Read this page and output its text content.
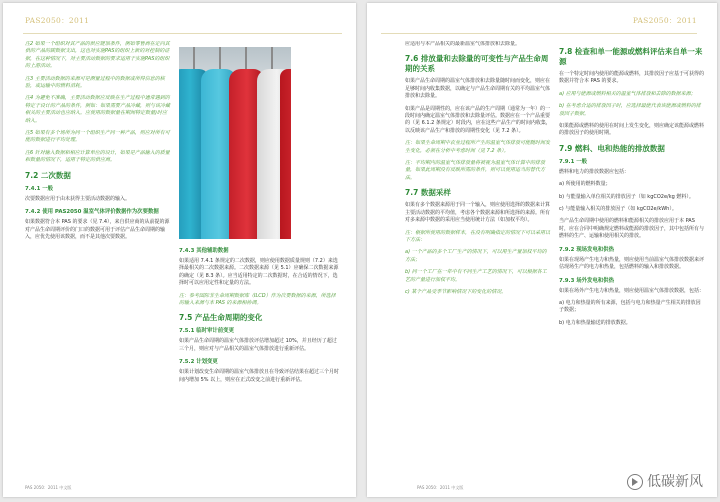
PAS2050：2011

注2 如果一个组织对其产品的供应链加条件，例如零售商在定向其供的产品的碳数据支出，这也对实施PAS的组织上新的对控制的证据，在这种情况下，对主要活动数据的要求适用于实施PAS的组织的上游活动。

注3 主要活动数据的来源可是测量过程中的数据或所得信息的核验，或运输中的燃料消耗。

注4 为避免不准确，主要活动数据应反映在生产过程中通常遇到的特定于设计的产品的条件，例如：如果需要产品冷藏，则与该冷藏相关的主要活动也应纳入。应使用的数据量在期间特定数量)时应纳入。

注5 如果有多个场所为同一个组织生产同一种产品，则应对所有可能的数据进行平均处理。

注6 针对输入数据和相应计算单位的设计，如果是产品输入的质量和数量的情况下，适用于特定的供应商。

7.2 二次数据
7.4.1 一般

次要数据应用于由未获得主要活动数据的输入。

7.4.2 使用 PAS2050 温室气体评价数据作为次要数据

如果数据符合本 PAS 的要求（见 7.4），来自供应商的从前提的源对产品生命周期评价的门口的数据可用于评估产品生命周期的输入，应优先使用该数据，而不是其他次要数据。

7.4.3 其他辅助数据

如果适用 7.4.1 条规定的二次数据，则应使用数据质量规则（7.2）来选择最相关的二次数据来源。二次数据来源（见 5.1）应确保二次数据来源的确定（见 8.3 条）。应当适用特定的二次数据时，在合适的情况下，选择时可以应用定性和定量的方法。

注：参考国际非生命周期数据库（ILCD）作为次要数据的来源，所选择的输入来源与本 PAS 的来源相协调。

7.5 产品生命周期的变化
7.5.1 临时审计前变更

如果产品生命周期的温室气体排放评估增加超过 10%，并且经历了超过三个月，则应对与产品相关的温室气体排放进行重新评估。

7.5.2 计划变更

如果计划改变生命周期的温室气体排放且在导致评估结果在超过三个月时间内增加 5% 以上，则应在正式改变之前进行重新评估。

PAS 2050：2011 中文版
PAS2050：2011

应适用与本产品相关的最新温室气体排放和去除量。

7.6 排放量和去除量的可变性与产品生命周期的关系

如果产品生命周期的温室气体排放和去除量随时间而变化，则应在足够时间内收集数据，以确定与产品生命周期有关的平均温室气体排放和去除量。

如果产品是周期性的，应在该产品的生产周期（通常为一年）的一段时间内确定温室气体排放和去除量评估。数据应在一个产品重要的（见 6.1.2 条规定）时段内，应在这些产品生产的时间内收集，以反映该产品生产和排放的周期性变化（见 7.2 条）。

注：如果生命周期中农业过程所产生的温室气体排放可能随时间发生变化，必须在分析中考虑时间（见 7.2 条）。

注：平均期内的温室气体排放量将被视为温室气体计算中的排放量，如果此周期没有反映所需的条件，则可以使用适当的替代方法。

7.7 数据采样

如果有多个数据来源用于同一个输入，则应使用选择的数据来计算主要活动数据的平均值，考虑各个数据来源和所选择的来源。所有对多来源中数据的采用应当使用统计方法（如加权平均）。

注：根据所使用的数据样本，在没有明确指定的情况下可以采用以下方法：

a) 一个产品的多个工厂生产的情况下，可以用生产量加权平均的方法；

b) 同一个工厂在一年中有不同生产工艺的情况下，可以根据各工艺的产量进行加权平均。

c) 某个产品受季节影响情况下的变化的情况。

7.8 检查和单一能源或燃料评估来自单一来源

在一个特定时间内使用的能源或燃料，其排放因子应基于可获得的数据并符合本 PAS 的要求。

a) 应用与能源或燃料相关的温室气体排放和去除的数据来源；

b) 在考虑合适的排放因子时，应选择最能代表该能源或燃料的排放因子数据。

如果能源或燃料的使用在时间上发生变化，则应确定该能源或燃料的排放因子的使用时期。

7.9 燃料、电和热能的排放数据
7.9.1 一般

燃料和电力的排放数据应包括：

a) 所使用的燃料数量；

b) 与能量输入单位相关的排放因子（如 kgCO2e/kg 燃料）。

c) 与能量输入相关的排放因子（如 kgCO2e/kWh）。

当产品生命周期中使用的燃料和能源相关的排放应用于本 PAS 时，应在合同中明确规定燃料或能源的排放因子，其中包括所有与燃料的生产、运输和使用相关的排放。

7.9.2 现场发电和供热

如果在现场产生电力和热量，则应使用当前温室气体排放数据来评估现场生产的电力和热量，包括燃料的输入和排放数据。

7.9.3 场外发电和供热

如果在场外产生电力和热量，则应使用温室气体排放数据，包括：

a) 电力和热量的所有来源，包括与电力和热量产生相关的排放因子数据；

b) 电力和热量输送的排放数据。

PAS 2050：2011 中文版	低碳新风
